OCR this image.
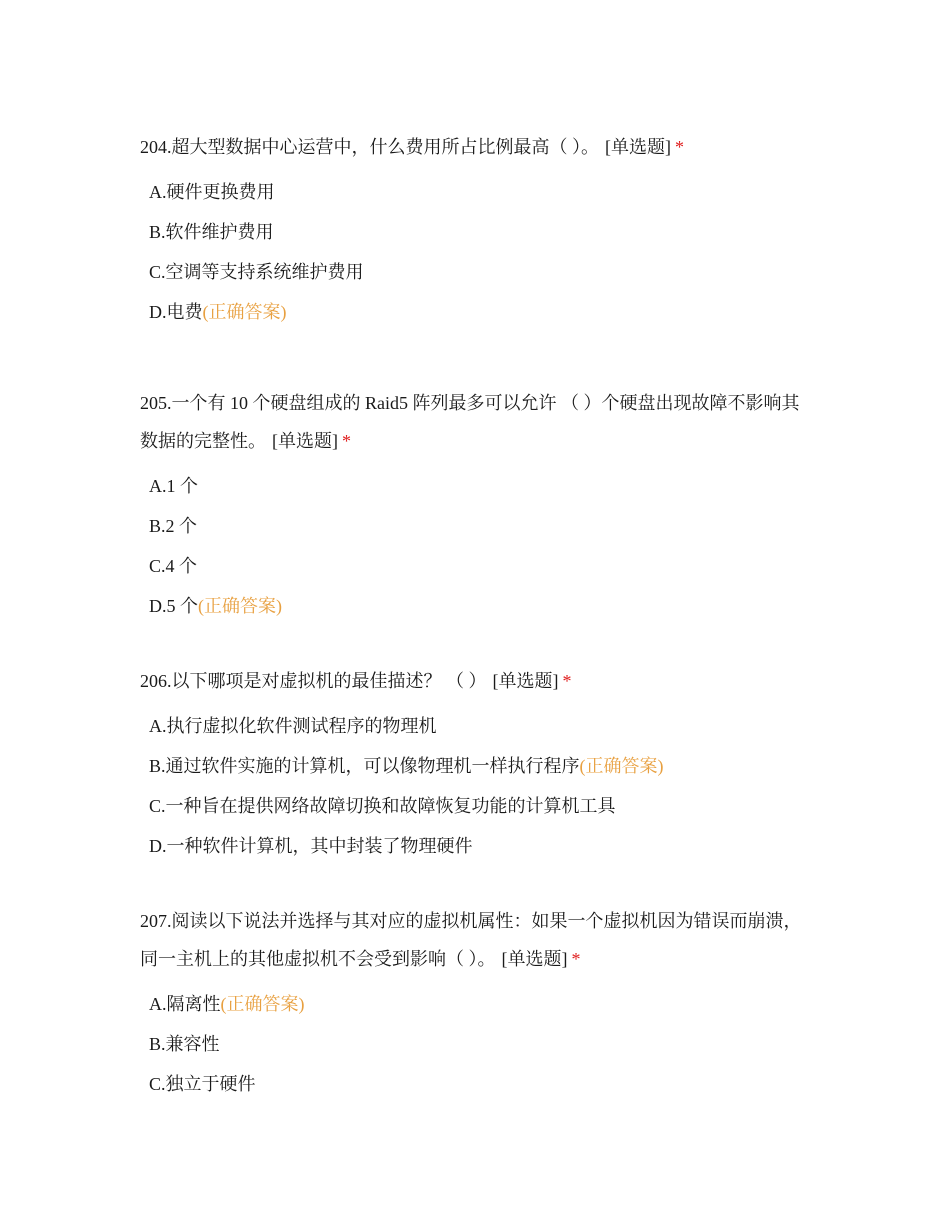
204.超大型数据中心运营中，什么费用所占比例最高（ ）。 [单选题] *

A.硬件更换费用
B.软件维护费用
C.空调等支持系统维护费用
D.电费(正确答案)

205.一个有 10 个硬盘组成的 Raid5 阵列最多可以允许 （ ）个硬盘出现故障不影响其数据的完整性。 [单选题] *

A.1 个
B.2 个
C.4 个
D.5 个(正确答案)

206.以下哪项是对虚拟机的最佳描述？ （ ） [单选题] *

A.执行虚拟化软件测试程序的物理机
B.通过软件实施的计算机，可以像物理机一样执行程序(正确答案)
C.一种旨在提供网络故障切换和故障恢复功能的计算机工具
D.一种软件计算机，其中封装了物理硬件

207.阅读以下说法并选择与其对应的虚拟机属性：如果一个虚拟机因为错误而崩溃，同一主机上的其他虚拟机不会受到影响（ ）。 [单选题] *

A.隔离性(正确答案)
B.兼容性
C.独立于硬件
